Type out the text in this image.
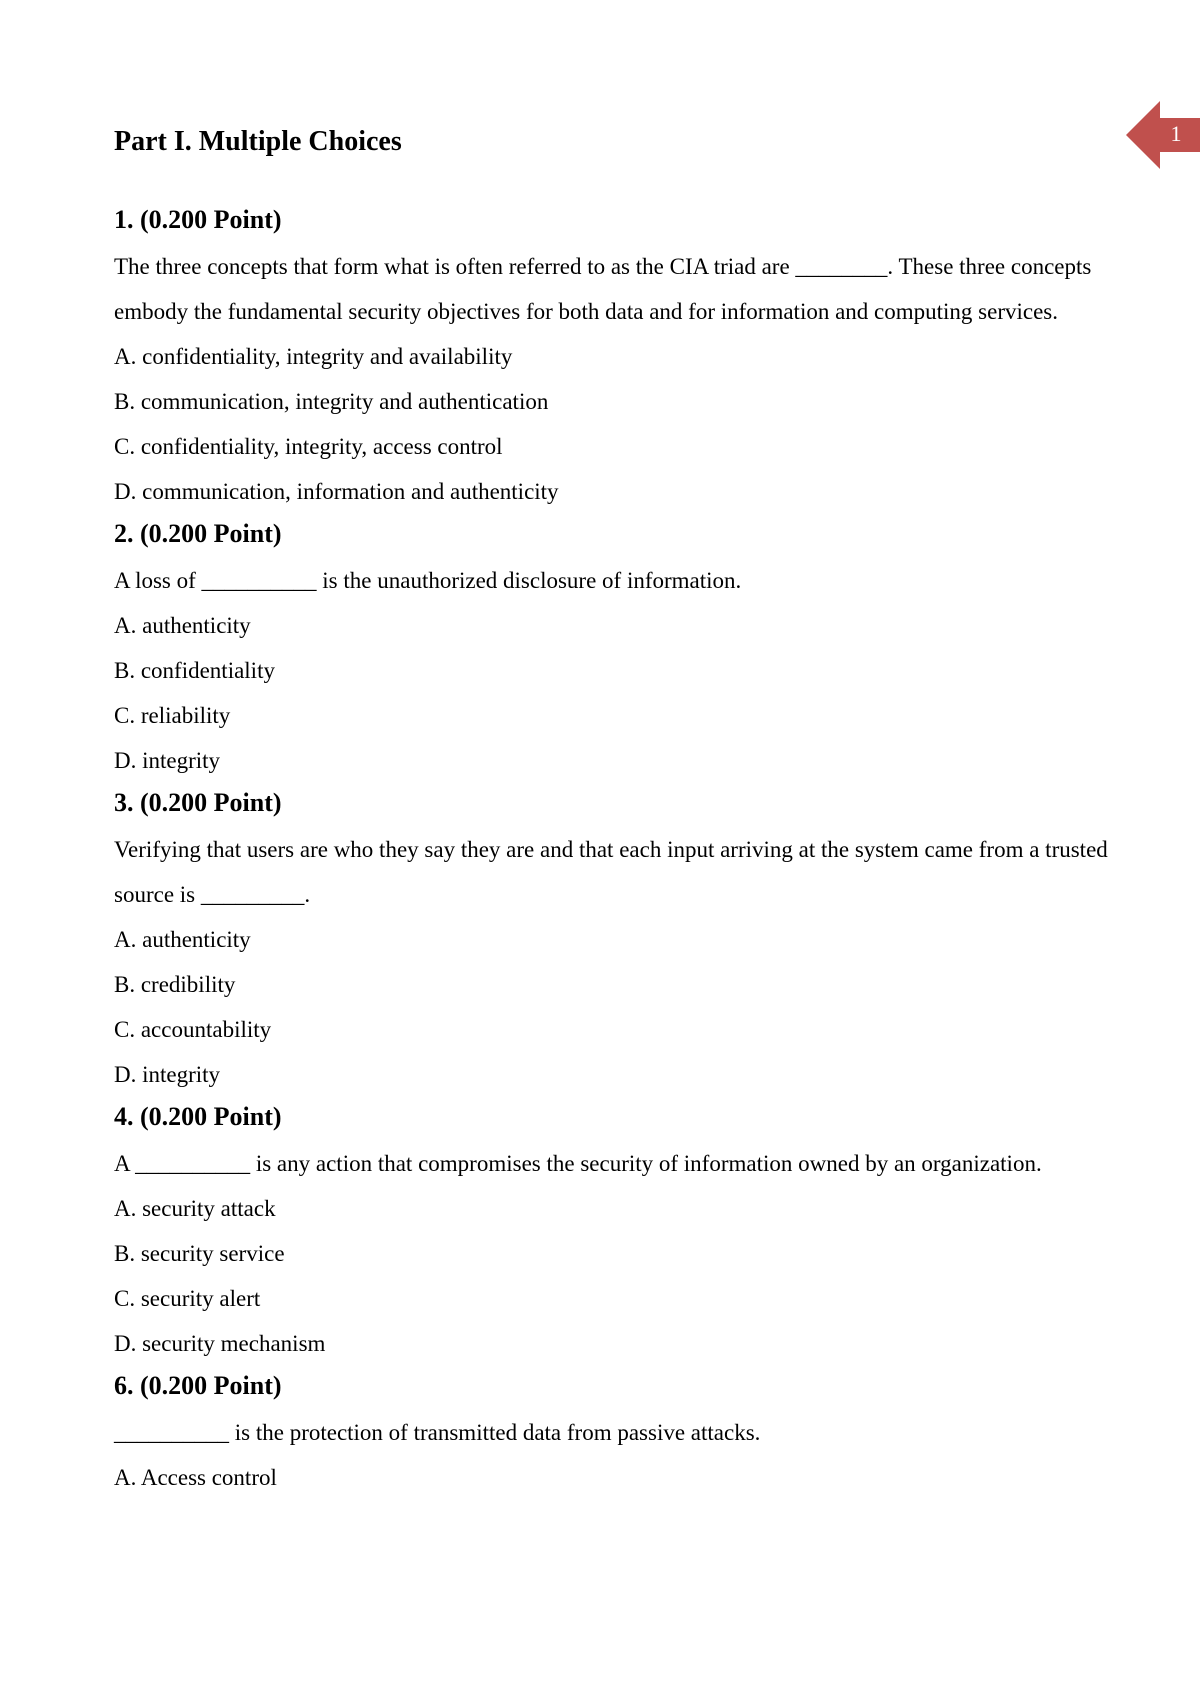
1
Part I. Multiple Choices
1. (0.200 Point)

The three concepts that form what is often referred to as the CIA triad are ________. These three concepts embody the fundamental security objectives for both data and for information and computing services.

A. confidentiality, integrity and availability

B. communication, integrity and authentication

C. confidentiality, integrity, access control

D. communication, information and authenticity

2. (0.200 Point)

A loss of __________ is the unauthorized disclosure of information.

A. authenticity

B. confidentiality

C. reliability

D. integrity

3. (0.200 Point)

Verifying that users are who they say they are and that each input arriving at the system came from a trusted source is _________.

A. authenticity

B. credibility

C. accountability

D. integrity

4. (0.200 Point)

A __________ is any action that compromises the security of information owned by an organization.

A. security attack

B. security service

C. security alert

D. security mechanism

6. (0.200 Point)

__________ is the protection of transmitted data from passive attacks.

A. Access control
